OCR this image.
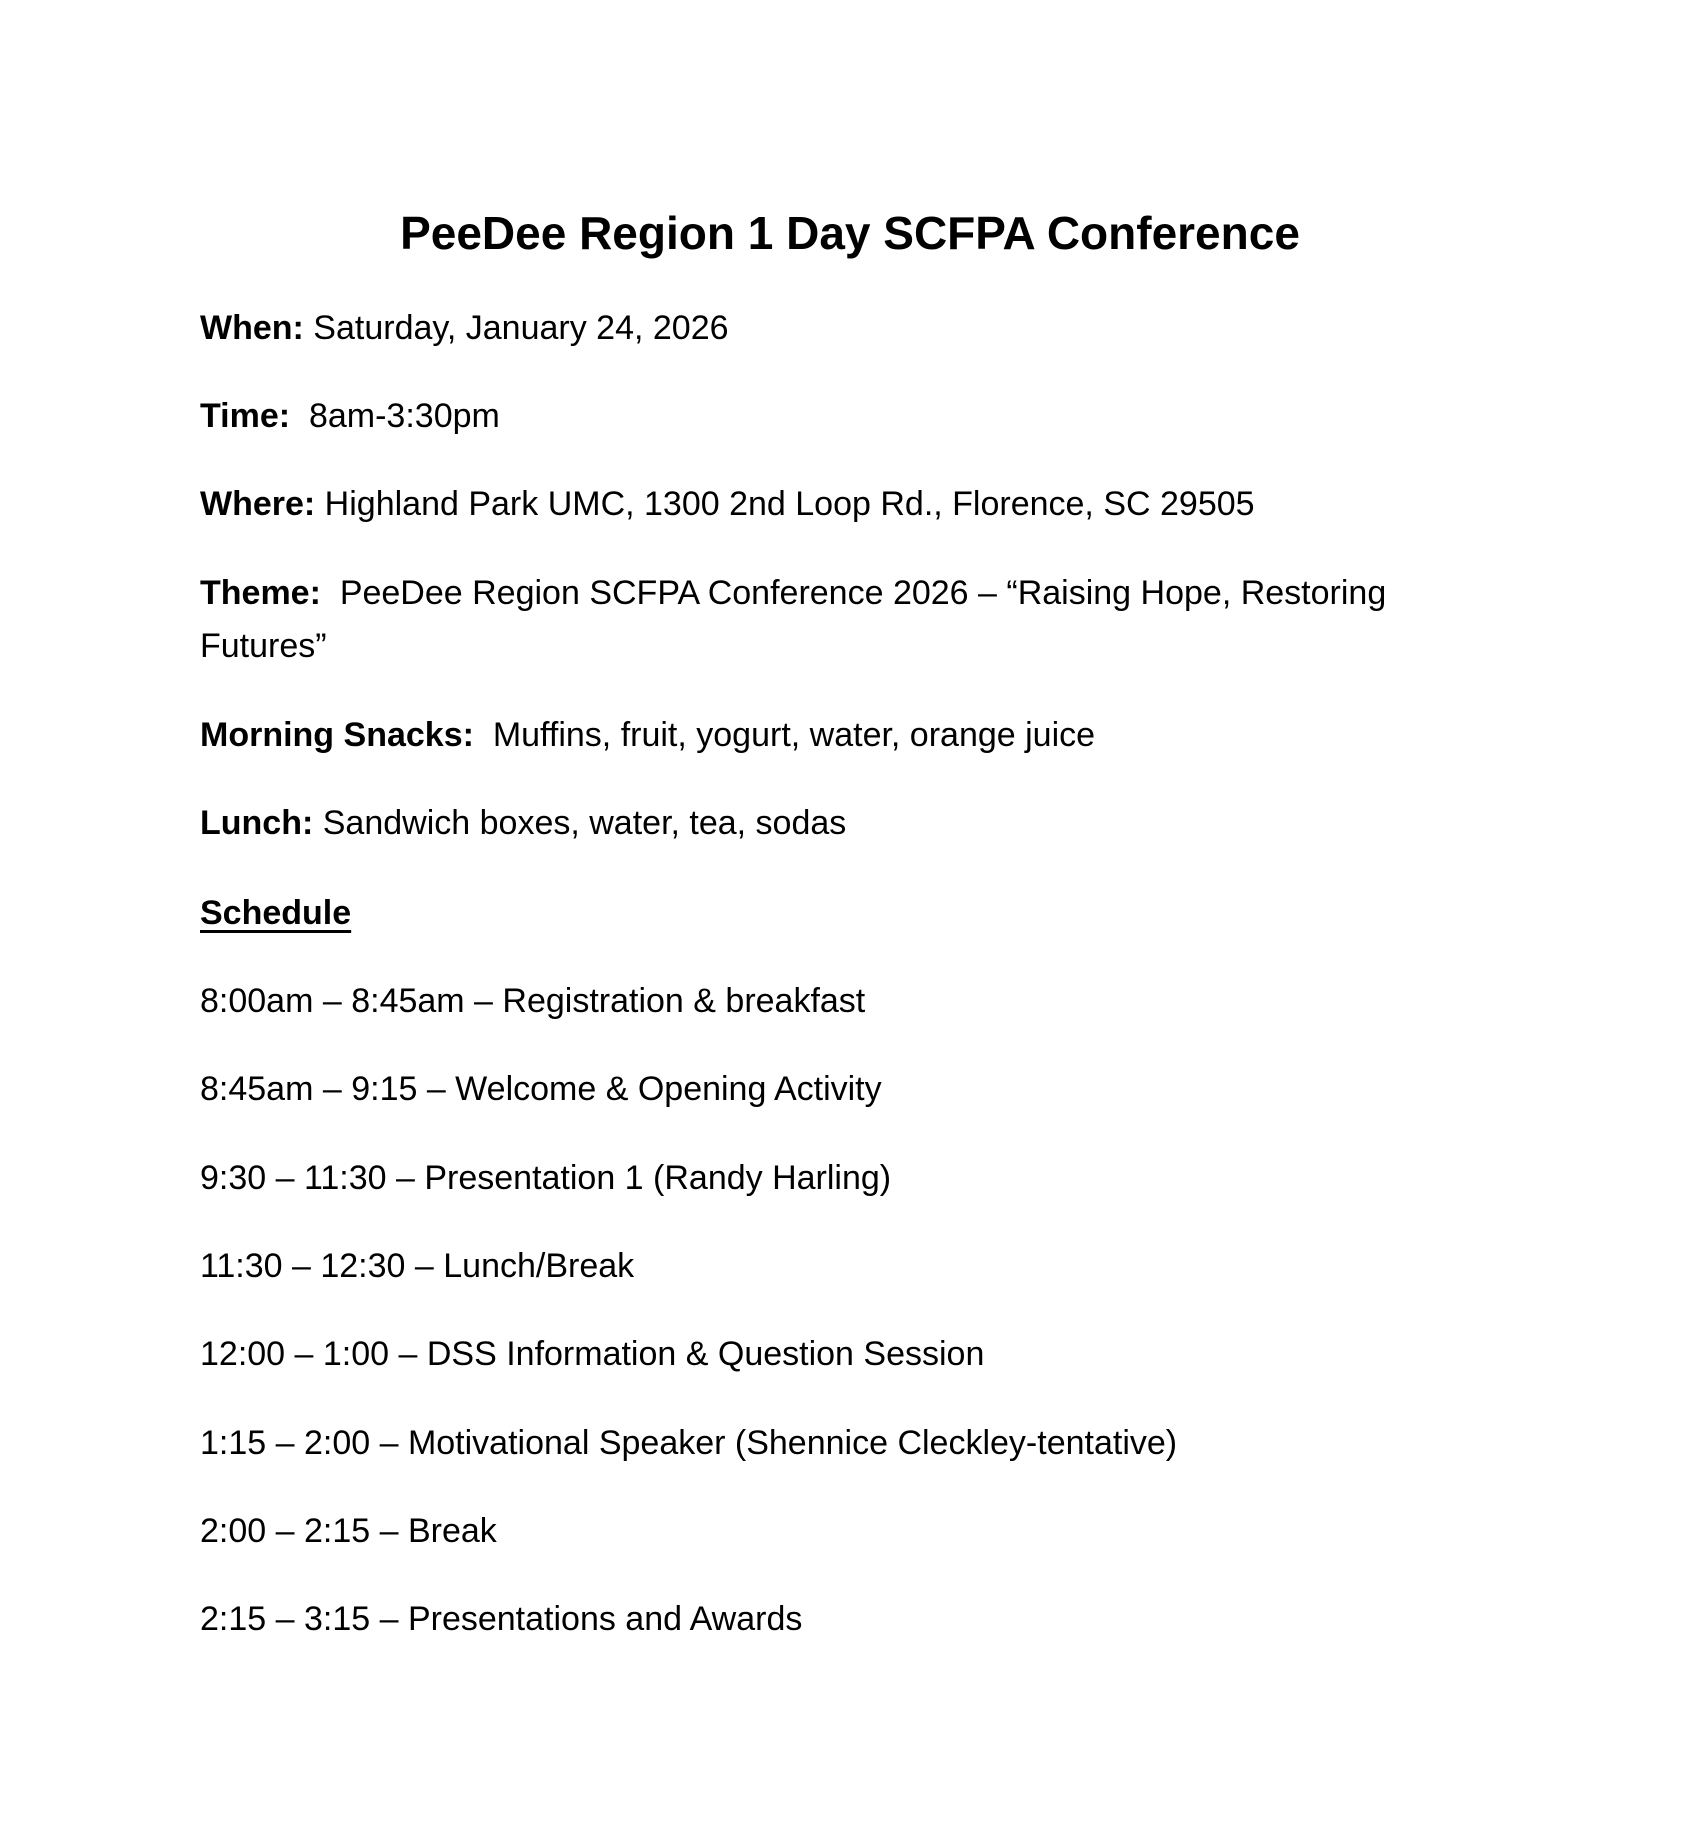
PeeDee Region 1 Day SCFPA Conference

When: Saturday, January 24, 2026

Time:  8am-3:30pm

Where: Highland Park UMC, 1300 2nd Loop Rd., Florence, SC 29505

Theme:  PeeDee Region SCFPA Conference 2026 – “Raising Hope, Restoring Futures”

Morning Snacks:  Muffins, fruit, yogurt, water, orange juice

Lunch: Sandwich boxes, water, tea, sodas

Schedule

8:00am – 8:45am – Registration & breakfast

8:45am – 9:15 – Welcome & Opening Activity

9:30 – 11:30 – Presentation 1 (Randy Harling)

11:30 – 12:30 – Lunch/Break

12:00 – 1:00 – DSS Information & Question Session

1:15 – 2:00 – Motivational Speaker (Shennice Cleckley-tentative)

2:00 – 2:15 – Break

2:15 – 3:15 – Presentations and Awards
